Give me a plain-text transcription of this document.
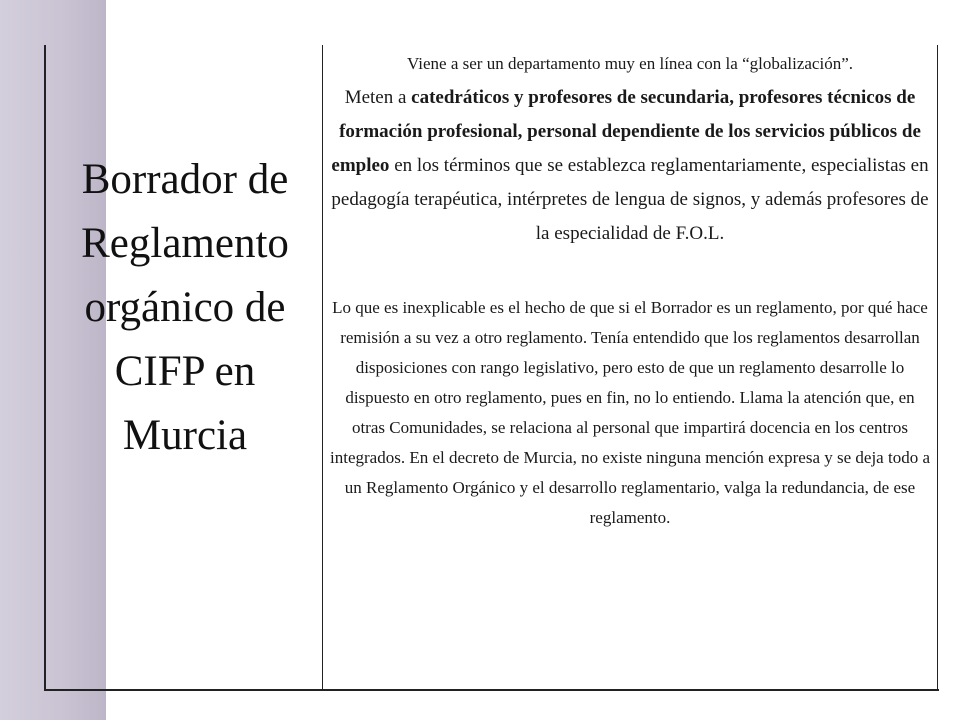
Borrador de
Reglamento
orgánico de
CIFP en
Murcia
Viene a ser un departamento muy en línea con la “globalización”.
Meten a catedráticos y profesores de secundaria, profesores técnicos de formación profesional, personal dependiente de los servicios públicos de empleo en los términos que se establezca reglamentariamente, especialistas en pedagogía terapéutica, intérpretes de lengua de signos, y además profesores de la especialidad de F.O.L.
Lo que es inexplicable es el hecho de que si el Borrador es un reglamento, por qué hace remisión a su vez a otro reglamento. Tenía entendido que los reglamentos desarrollan disposiciones con rango legislativo, pero esto de que un reglamento desarrolle lo dispuesto en otro reglamento, pues en fin, no lo entiendo. Llama la atención que, en otras Comunidades, se relaciona al personal que impartirá docencia en los centros integrados. En el decreto de Murcia, no existe ninguna mención expresa y se deja todo a un Reglamento Orgánico y el desarrollo reglamentario, valga la redundancia, de ese reglamento.
